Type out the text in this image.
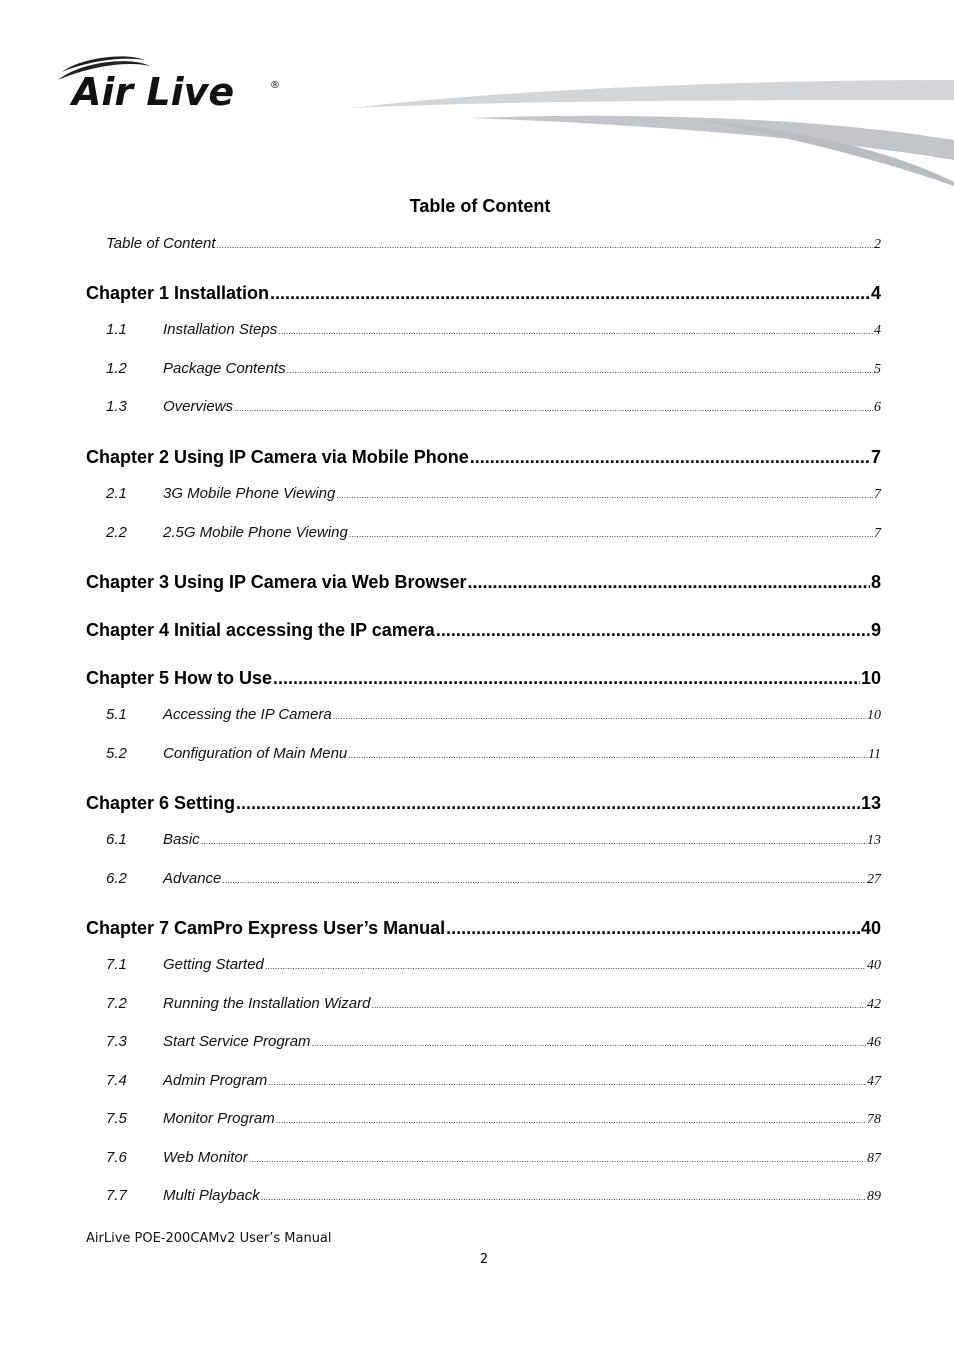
Air Live	®
Table of Content
Table of Content .....	2
Chapter 1 Installation .....	4
1.1	Installation Steps .....	4
1.2	Package Contents .....	5
1.3	Overviews .....	6
Chapter 2 Using IP Camera via Mobile Phone .....	7
2.1	3G Mobile Phone Viewing .....	7
2.2	2.5G Mobile Phone Viewing .....	7
Chapter 3 Using IP Camera via Web Browser .....	8
Chapter 4 Initial accessing the IP camera .....	9
Chapter 5 How to Use .....	10
5.1	Accessing the IP Camera .....	10
5.2	Configuration of Main Menu .....	11
Chapter 6 Setting .....	13
6.1	Basic .....	13
6.2	Advance .....	27
Chapter 7 CamPro Express User’s Manual .....	40
7.1	Getting Started .....	40
7.2	Running the Installation Wizard .....	42
7.3	Start Service Program .....	46
7.4	Admin Program .....	47
7.5	Monitor Program .....	78
7.6	Web Monitor .....	87
7.7	Multi Playback .....	89
AirLive POE-200CAMv2 User’s Manual
2
